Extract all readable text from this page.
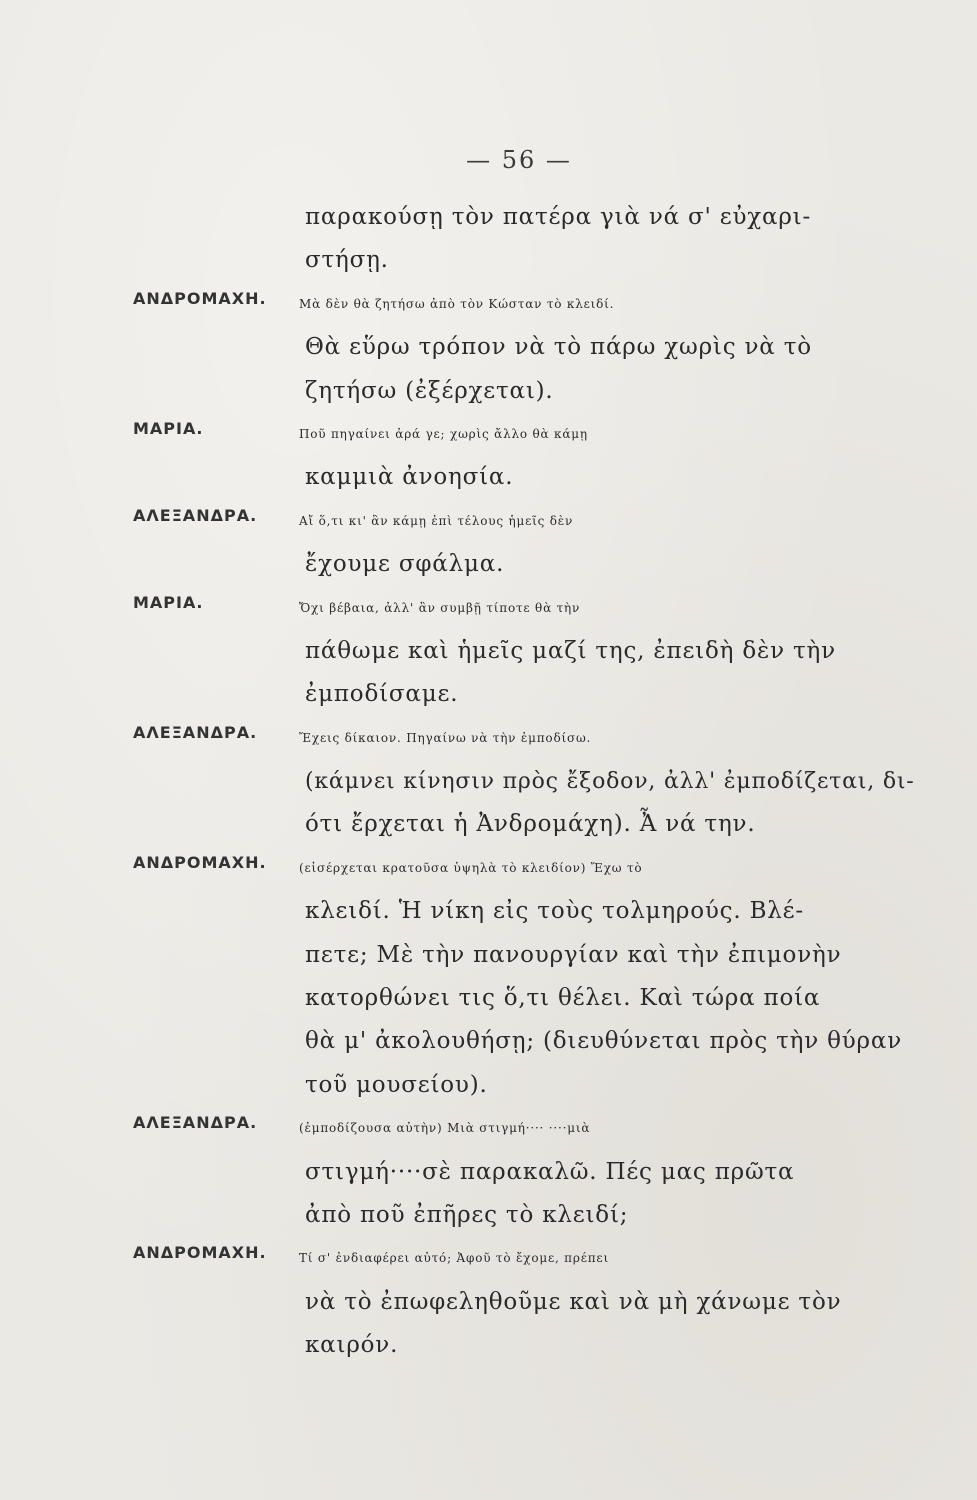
— 56 —
παρακούσῃ τὸν πατέρα γιὰ νά σ' εὐχαρι-
στήσῃ.
ΑΝΔΡΟΜΑΧΗ.	Μὰ δὲν θὰ ζητήσω ἀπὸ τὸν Κώσταν τὸ κλειδί.
Θὰ εὕρω τρόπον νὰ τὸ πάρω χωρὶς νὰ τὸ
ζητήσω (ἐξέρχεται).
ΜΑΡΙΑ.	Ποῦ πηγαίνει ἀρά γε; χωρὶς ἄλλο θὰ κάμῃ
καμμιὰ ἀνοησία.
ΑΛΕΞΑΝΔΡΑ.	Αἴ ὅ,τι κι' ἂν κάμῃ ἐπὶ τέλους ἡμεῖς δὲν
ἔχουμε σφάλμα.
ΜΑΡΙΑ.	Ὄχι βέβαια, ἀλλ' ἂν συμβῇ τίποτε θὰ τὴν
πάθωμε καὶ ἡμεῖς μαζί της, ἐπειδὴ δὲν τὴν
ἐμποδίσαμε.
ΑΛΕΞΑΝΔΡΑ.	Ἔχεις δίκαιον. Πηγαίνω νὰ τὴν ἐμποδίσω.
(κάμνει κίνησιν πρὸς ἔξοδον, ἀλλ' ἐμποδίζεται, δι-
ότι ἔρχεται ἡ Ἀνδρομάχη). Ἆ νά την.
ΑΝΔΡΟΜΑΧΗ.	(εἰσέρχεται κρατοῦσα ὑψηλὰ τὸ κλειδίον) Ἔχω τὸ
κλειδί. Ἡ νίκη εἰς τοὺς τολμηρούς. Βλέ-
πετε; Μὲ τὴν πανουργίαν καὶ τὴν ἐπιμονὴν
κατορθώνει τις ὅ,τι θέλει. Καὶ τώρα ποία
θὰ μ' ἀκολουθήσῃ; (διευθύνεται πρὸς τὴν θύραν
τοῦ μουσείου).
ΑΛΕΞΑΝΔΡΑ.	(ἐμποδίζουσα αὐτὴν) Μιὰ στιγμή···· ····μιὰ
στιγμή····σὲ παρακαλῶ. Πές μας πρῶτα
ἀπὸ ποῦ ἐπῆρες τὸ κλειδί;
ΑΝΔΡΟΜΑΧΗ.	Τί σ' ἐνδιαφέρει αὐτό; Ἀφοῦ τὸ ἔχομε, πρέπει
νὰ τὸ ἐπωφεληθοῦμε καὶ νὰ μὴ χάνωμε τὸν
καιρόν.
